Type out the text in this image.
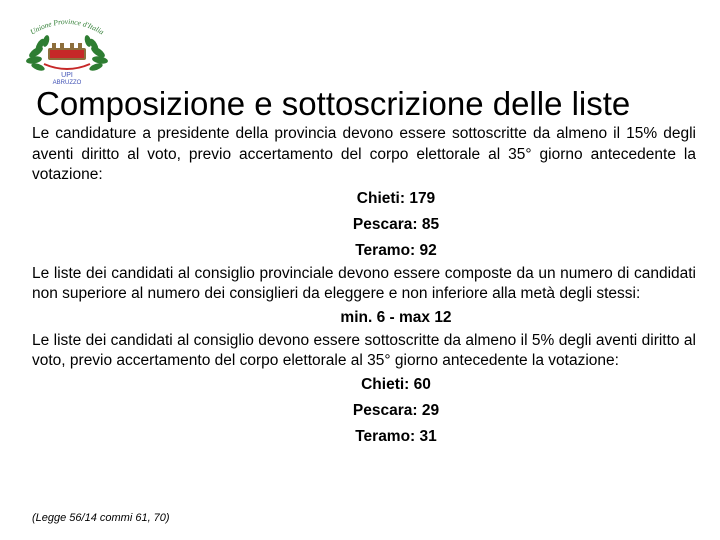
Unione Province d'Italia
UPI
ABRUZZO
Composizione e sottoscrizione delle liste

Le candidature a presidente della provincia devono essere sottoscritte da almeno il 15% degli aventi diritto al voto, previo accertamento del corpo elettorale al 35° giorno antecedente la votazione:

Chieti: 179

Pescara: 85

Teramo: 92

Le liste dei candidati al consiglio provinciale devono essere composte da un numero di candidati non superiore al numero dei consiglieri da eleggere e non inferiore alla metà degli stessi:

min. 6 - max 12

Le liste dei candidati al consiglio devono essere sottoscritte da almeno il 5% degli aventi diritto al voto, previo accertamento del corpo elettorale al 35° giorno antecedente la votazione:

Chieti: 60

Pescara: 29

Teramo: 31

(Legge 56/14 commi 61, 70)
